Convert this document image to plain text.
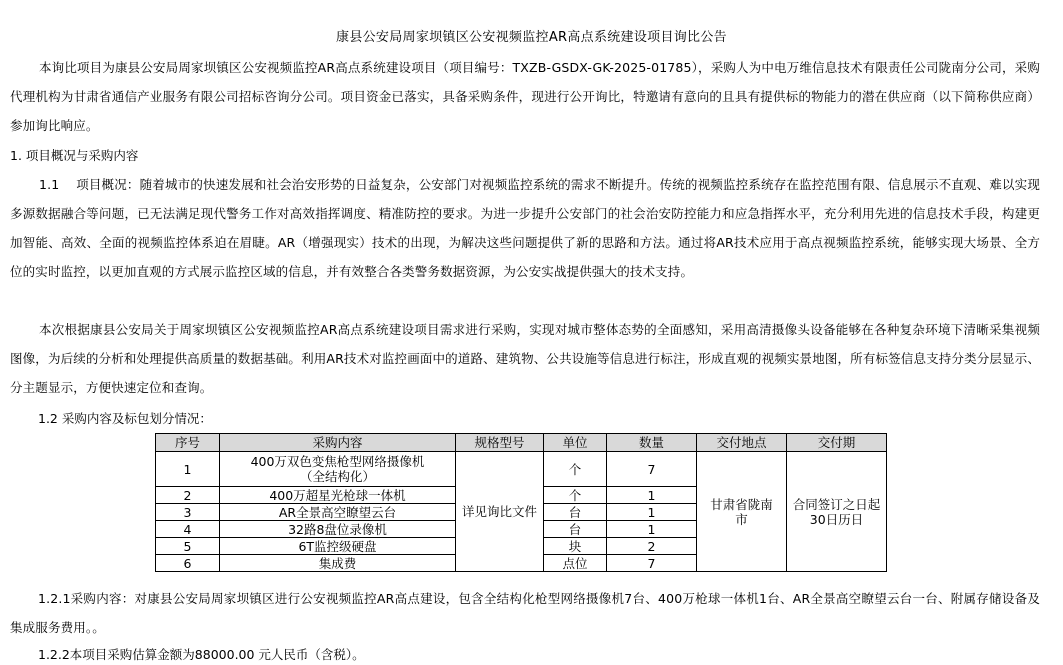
康县公安局周家坝镇区公安视频监控AR高点系统建设项目询比公告
本询比项目为康县公安局周家坝镇区公安视频监控AR高点系统建设项目（项目编号：TXZB-GSDX-GK-2025-01785），采购人为中电万维信息技术有限责任公司陇南分公司，采购代理机构为甘肃省通信产业服务有限公司招标咨询分公司。项目资金已落实，具备采购条件，现进行公开询比，特邀请有意向的且具有提供标的物能力的潜在供应商（以下简称供应商）参加询比响应。
1. 项目概况与采购内容
1.1　 项目概况：随着城市的快速发展和社会治安形势的日益复杂，公安部门对视频监控系统的需求不断提升。传统的视频监控系统存在监控范围有限、信息展示不直观、难以实现多源数据融合等问题，已无法满足现代警务工作对高效指挥调度、精准防控的要求。为进一步提升公安部门的社会治安防控能力和应急指挥水平，充分利用先进的信息技术手段，构建更加智能、高效、全面的视频监控体系迫在眉睫。AR（增强现实）技术的出现，为解决这些问题提供了新的思路和方法。通过将AR技术应用于高点视频监控系统，能够实现大场景、全方位的实时监控，以更加直观的方式展示监控区域的信息，并有效整合各类警务数据资源，为公安实战提供强大的技术支持。
本次根据康县公安局关于周家坝镇区公安视频监控AR高点系统建设项目需求进行采购，实现对城市整体态势的全面感知，采用高清摄像头设备能够在各种复杂环境下清晰采集视频图像，为后续的分析和处理提供高质量的数据基础。利用AR技术对监控画面中的道路、建筑物、公共设施等信息进行标注，形成直观的视频实景地图，所有标签信息支持分类分层显示、分主题显示，方便快速定位和查询。
1.2 采购内容及标包划分情况：
序号	采购内容	规格型号	单位	数量	交付地点	交付期
1	400万双色变焦枪型网络摄像机（全结构化）	详见询比文件	个	7	甘肃省陇南市	合同签订之日起30日历日
2	400万超星光枪球一体机		个	1		
3	AR全景高空瞭望云台		台	1		
4	32路8盘位录像机		台	1		
5	6T监控级硬盘		块	2		
6	集成费		点位	7		
1.2.1采购内容：对康县公安局周家坝镇区进行公安视频监控AR高点建设，包含全结构化枪型网络摄像机7台、400万枪球一体机1台、AR全景高空瞭望云台一台、附属存储设备及集成服务费用。。
1.2.2本项目采购估算金额为88000.00 元人民币（含税）。
